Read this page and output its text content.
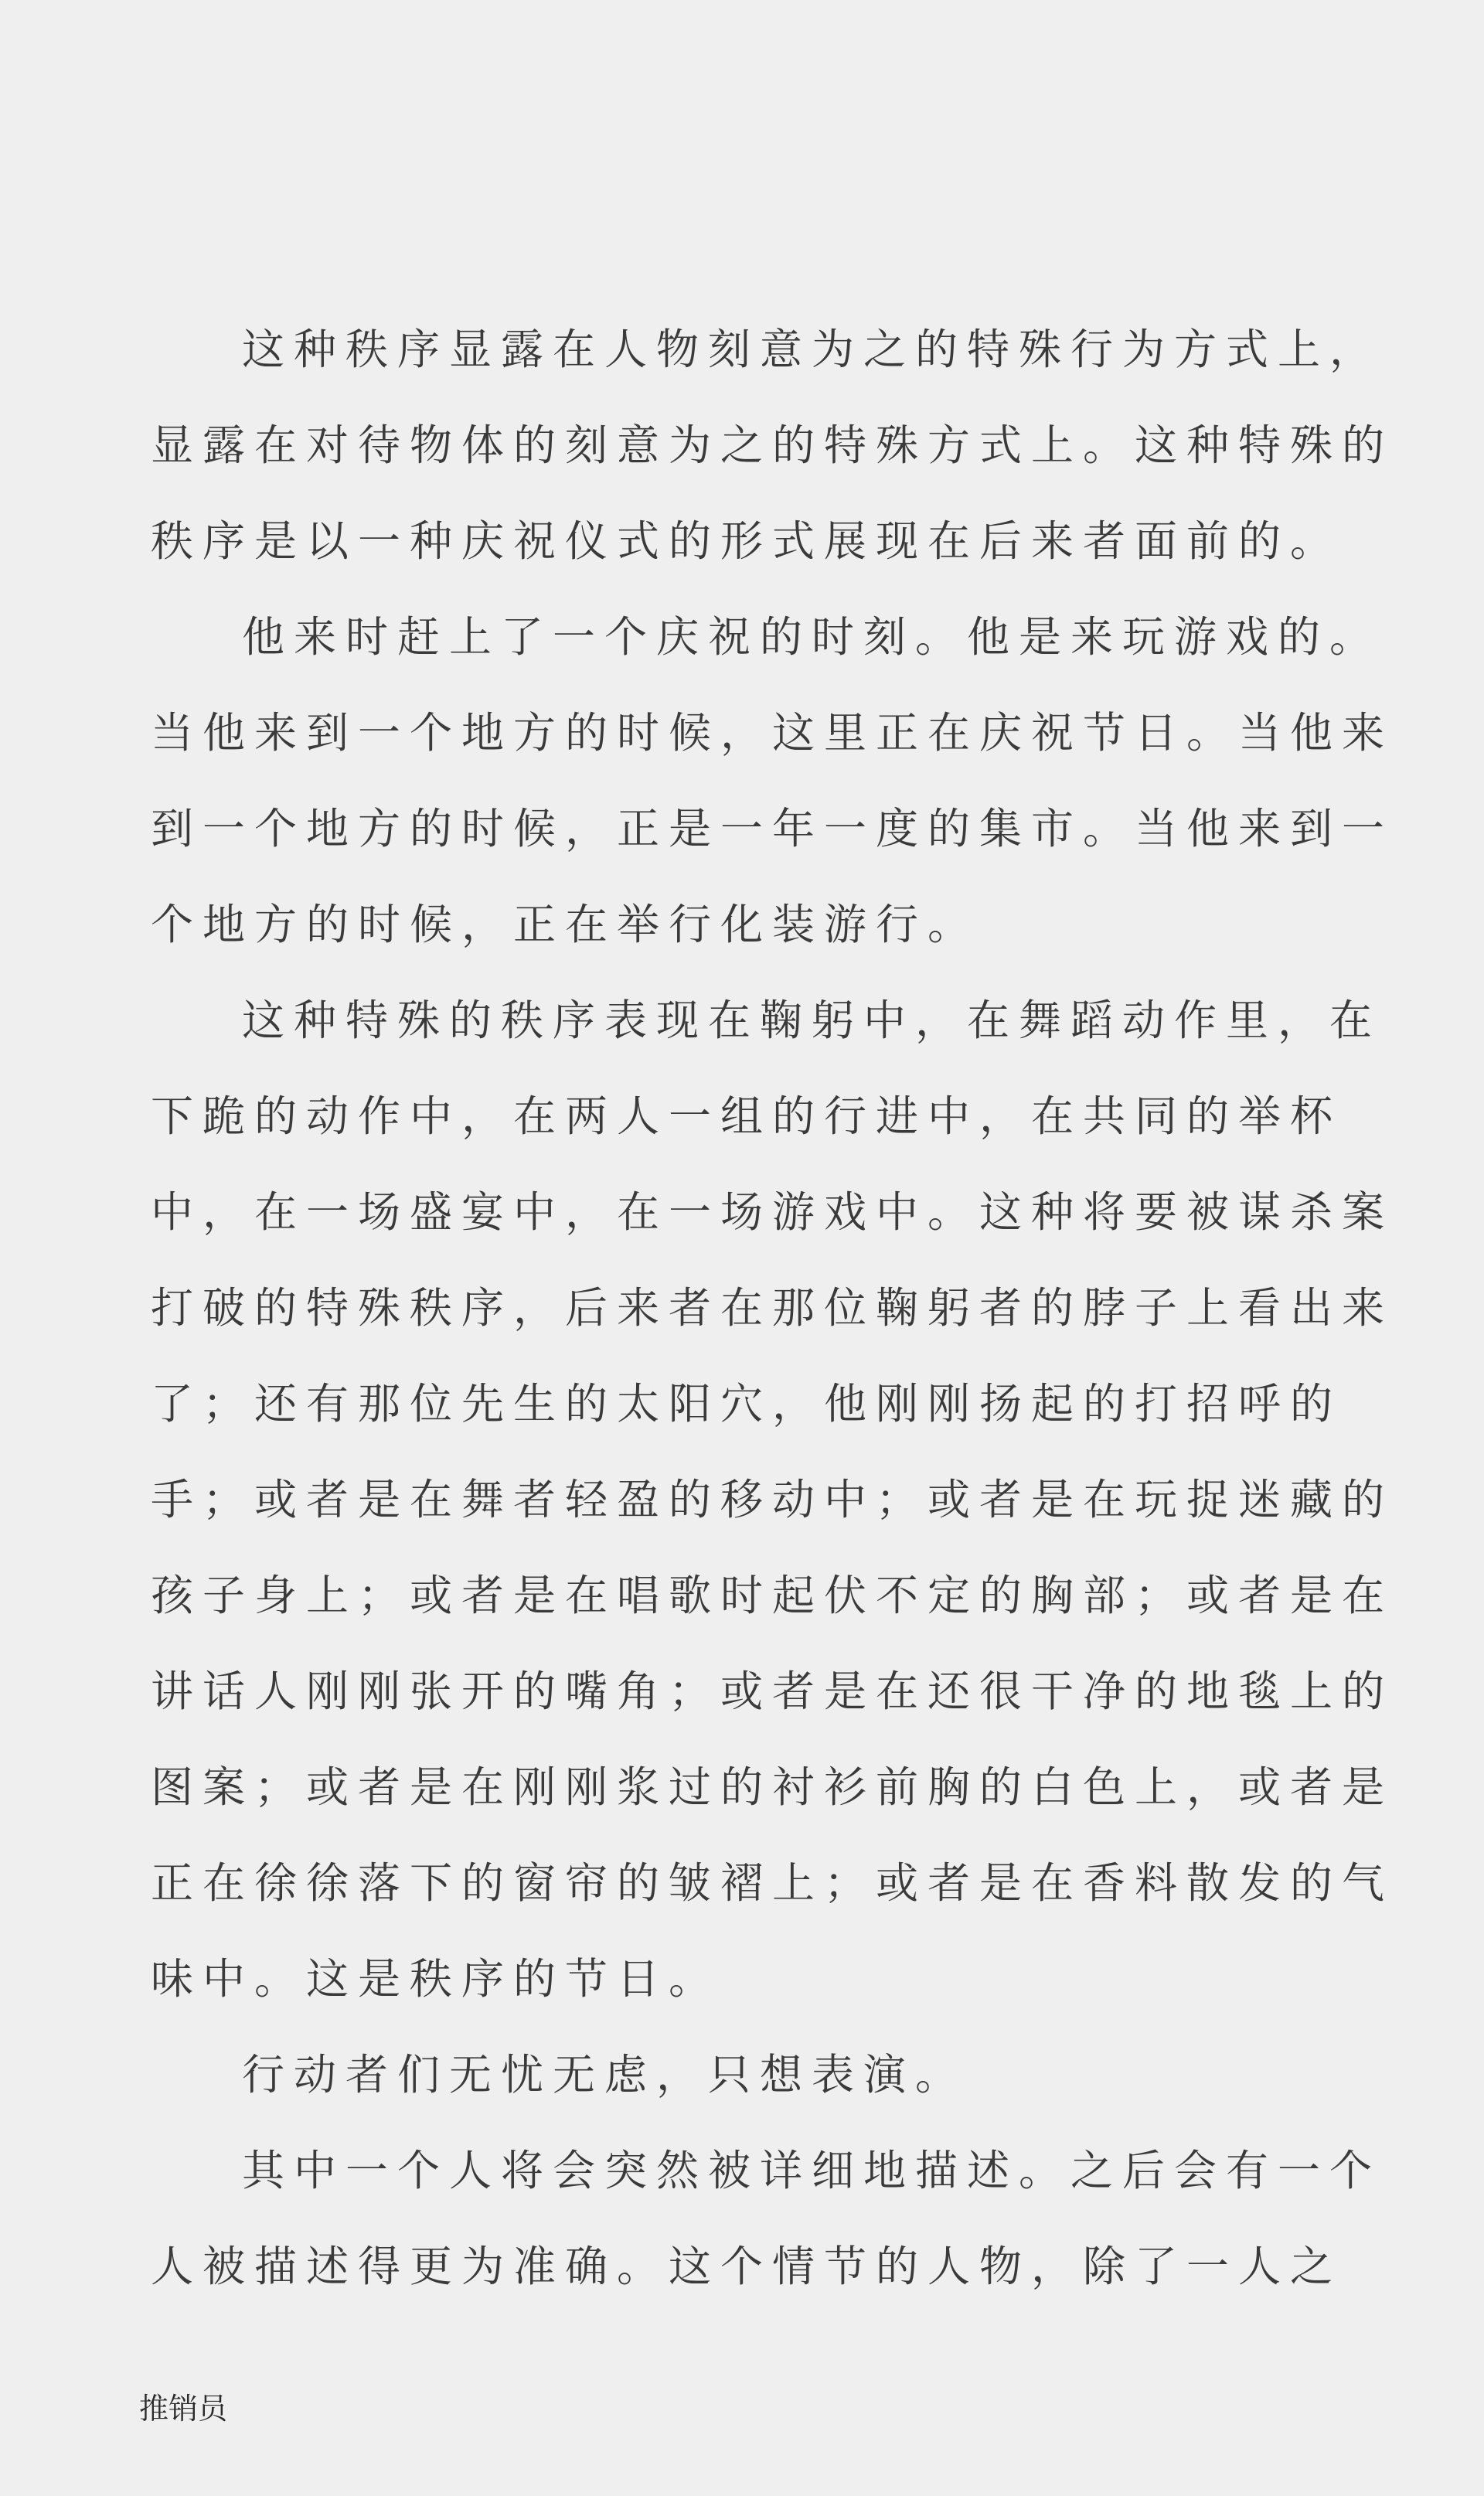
这种秩序显露在人物刻意为之的特殊行为方式上，
显露在对待物体的刻意为之的特殊方式上。这种特殊的
秩序是以一种庆祝仪式的形式展现在后来者面前的。
他来时赶上了一个庆祝的时刻。他是来玩游戏的。
当他来到一个地方的时候，这里正在庆祝节日。当他来
到一个地方的时候，正是一年一度的集市。当他来到一
个地方的时候，正在举行化装游行。
这种特殊的秩序表现在鞠躬中，在舞蹈动作里，在
下跪的动作中，在两人一组的行进中，在共同的举杯
中，在一场盛宴中，在一场游戏中。这种将要被谋杀案
打破的特殊秩序，后来者在那位鞠躬者的脖子上看出来
了；还有那位先生的太阳穴，他刚刚扬起的打招呼的
手；或者是在舞者轻盈的移动中；或者是在玩捉迷藏的
孩子身上；或者是在唱歌时起伏不定的胸部；或者是在
讲话人刚刚张开的嘴角；或者是在还很干净的地毯上的
图案；或者是在刚刚浆过的衬衫前胸的白色上，或者是
正在徐徐落下的窗帘的皱褶上；或者是在香料散发的气
味中。这是秩序的节日。
行动者们无忧无虑，只想表演。
其中一个人将会突然被详细地描述。之后会有一个
人被描述得更为准确。这个情节的人物，除了一人之
推销员
